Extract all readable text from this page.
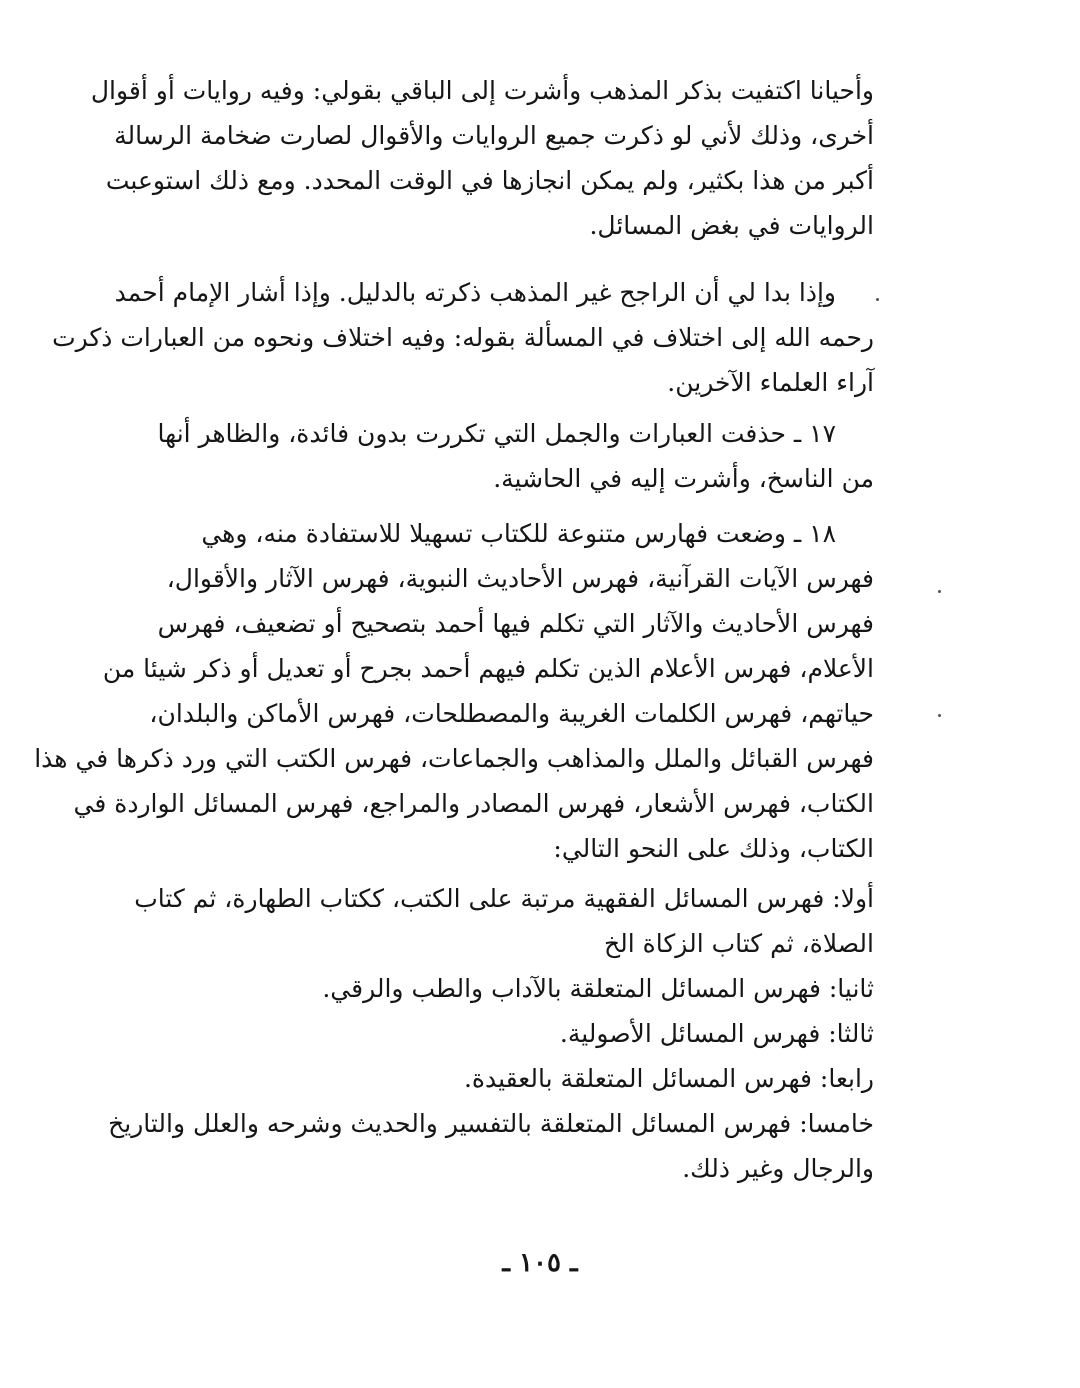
وأحيانا اكتفيت بذكر المذهب وأشرت إلى الباقي بقولي: وفيه روايات أو أقوال
أخرى، وذلك لأني لو ذكرت جميع الروايات والأقوال لصارت ضخامة الرسالة
أكبر من هذا بكثير، ولم يمكن انجازها في الوقت المحدد. ومع ذلك استوعبت
الروايات في بغض المسائل.
وإذا بدا لي أن الراجح غير المذهب ذكرته بالدليل. وإذا أشار الإمام أحمد
رحمه الله إلى اختلاف في المسألة بقوله: وفيه اختلاف ونحوه من العبارات ذكرت
آراء العلماء الآخرين.
١٧ ـ حذفت العبارات والجمل التي تكررت بدون فائدة، والظاهر أنها
من الناسخ، وأشرت إليه في الحاشية.
١٨ ـ وضعت فهارس متنوعة للكتاب تسهيلا للاستفادة منه، وهي
فهرس الآيات القرآنية، فهرس الأحاديث النبوية، فهرس الآثار والأقوال،
فهرس الأحاديث والآثار التي تكلم فيها أحمد بتصحيح أو تضعيف، فهرس
الأعلام، فهرس الأعلام الذين تكلم فيهم أحمد بجرح أو تعديل أو ذكر شيئا من
حياتهم، فهرس الكلمات الغريبة والمصطلحات، فهرس الأماكن والبلدان،
فهرس القبائل والملل والمذاهب والجماعات، فهرس الكتب التي ورد ذكرها في هذا
الكتاب، فهرس الأشعار، فهرس المصادر والمراجع، فهرس المسائل الواردة في
الكتاب، وذلك على النحو التالي:
أولا: فهرس المسائل الفقهية مرتبة على الكتب، ككتاب الطهارة، ثم كتاب
الصلاة، ثم كتاب الزكاة الخ
ثانيا: فهرس المسائل المتعلقة بالآداب والطب والرقي.
ثالثا: فهرس المسائل الأصولية.
رابعا: فهرس المسائل المتعلقة بالعقيدة.
خامسا: فهرس المسائل المتعلقة بالتفسير والحديث وشرحه والعلل والتاريخ
والرجال وغير ذلك.
ـ ١٠٥ ـ
